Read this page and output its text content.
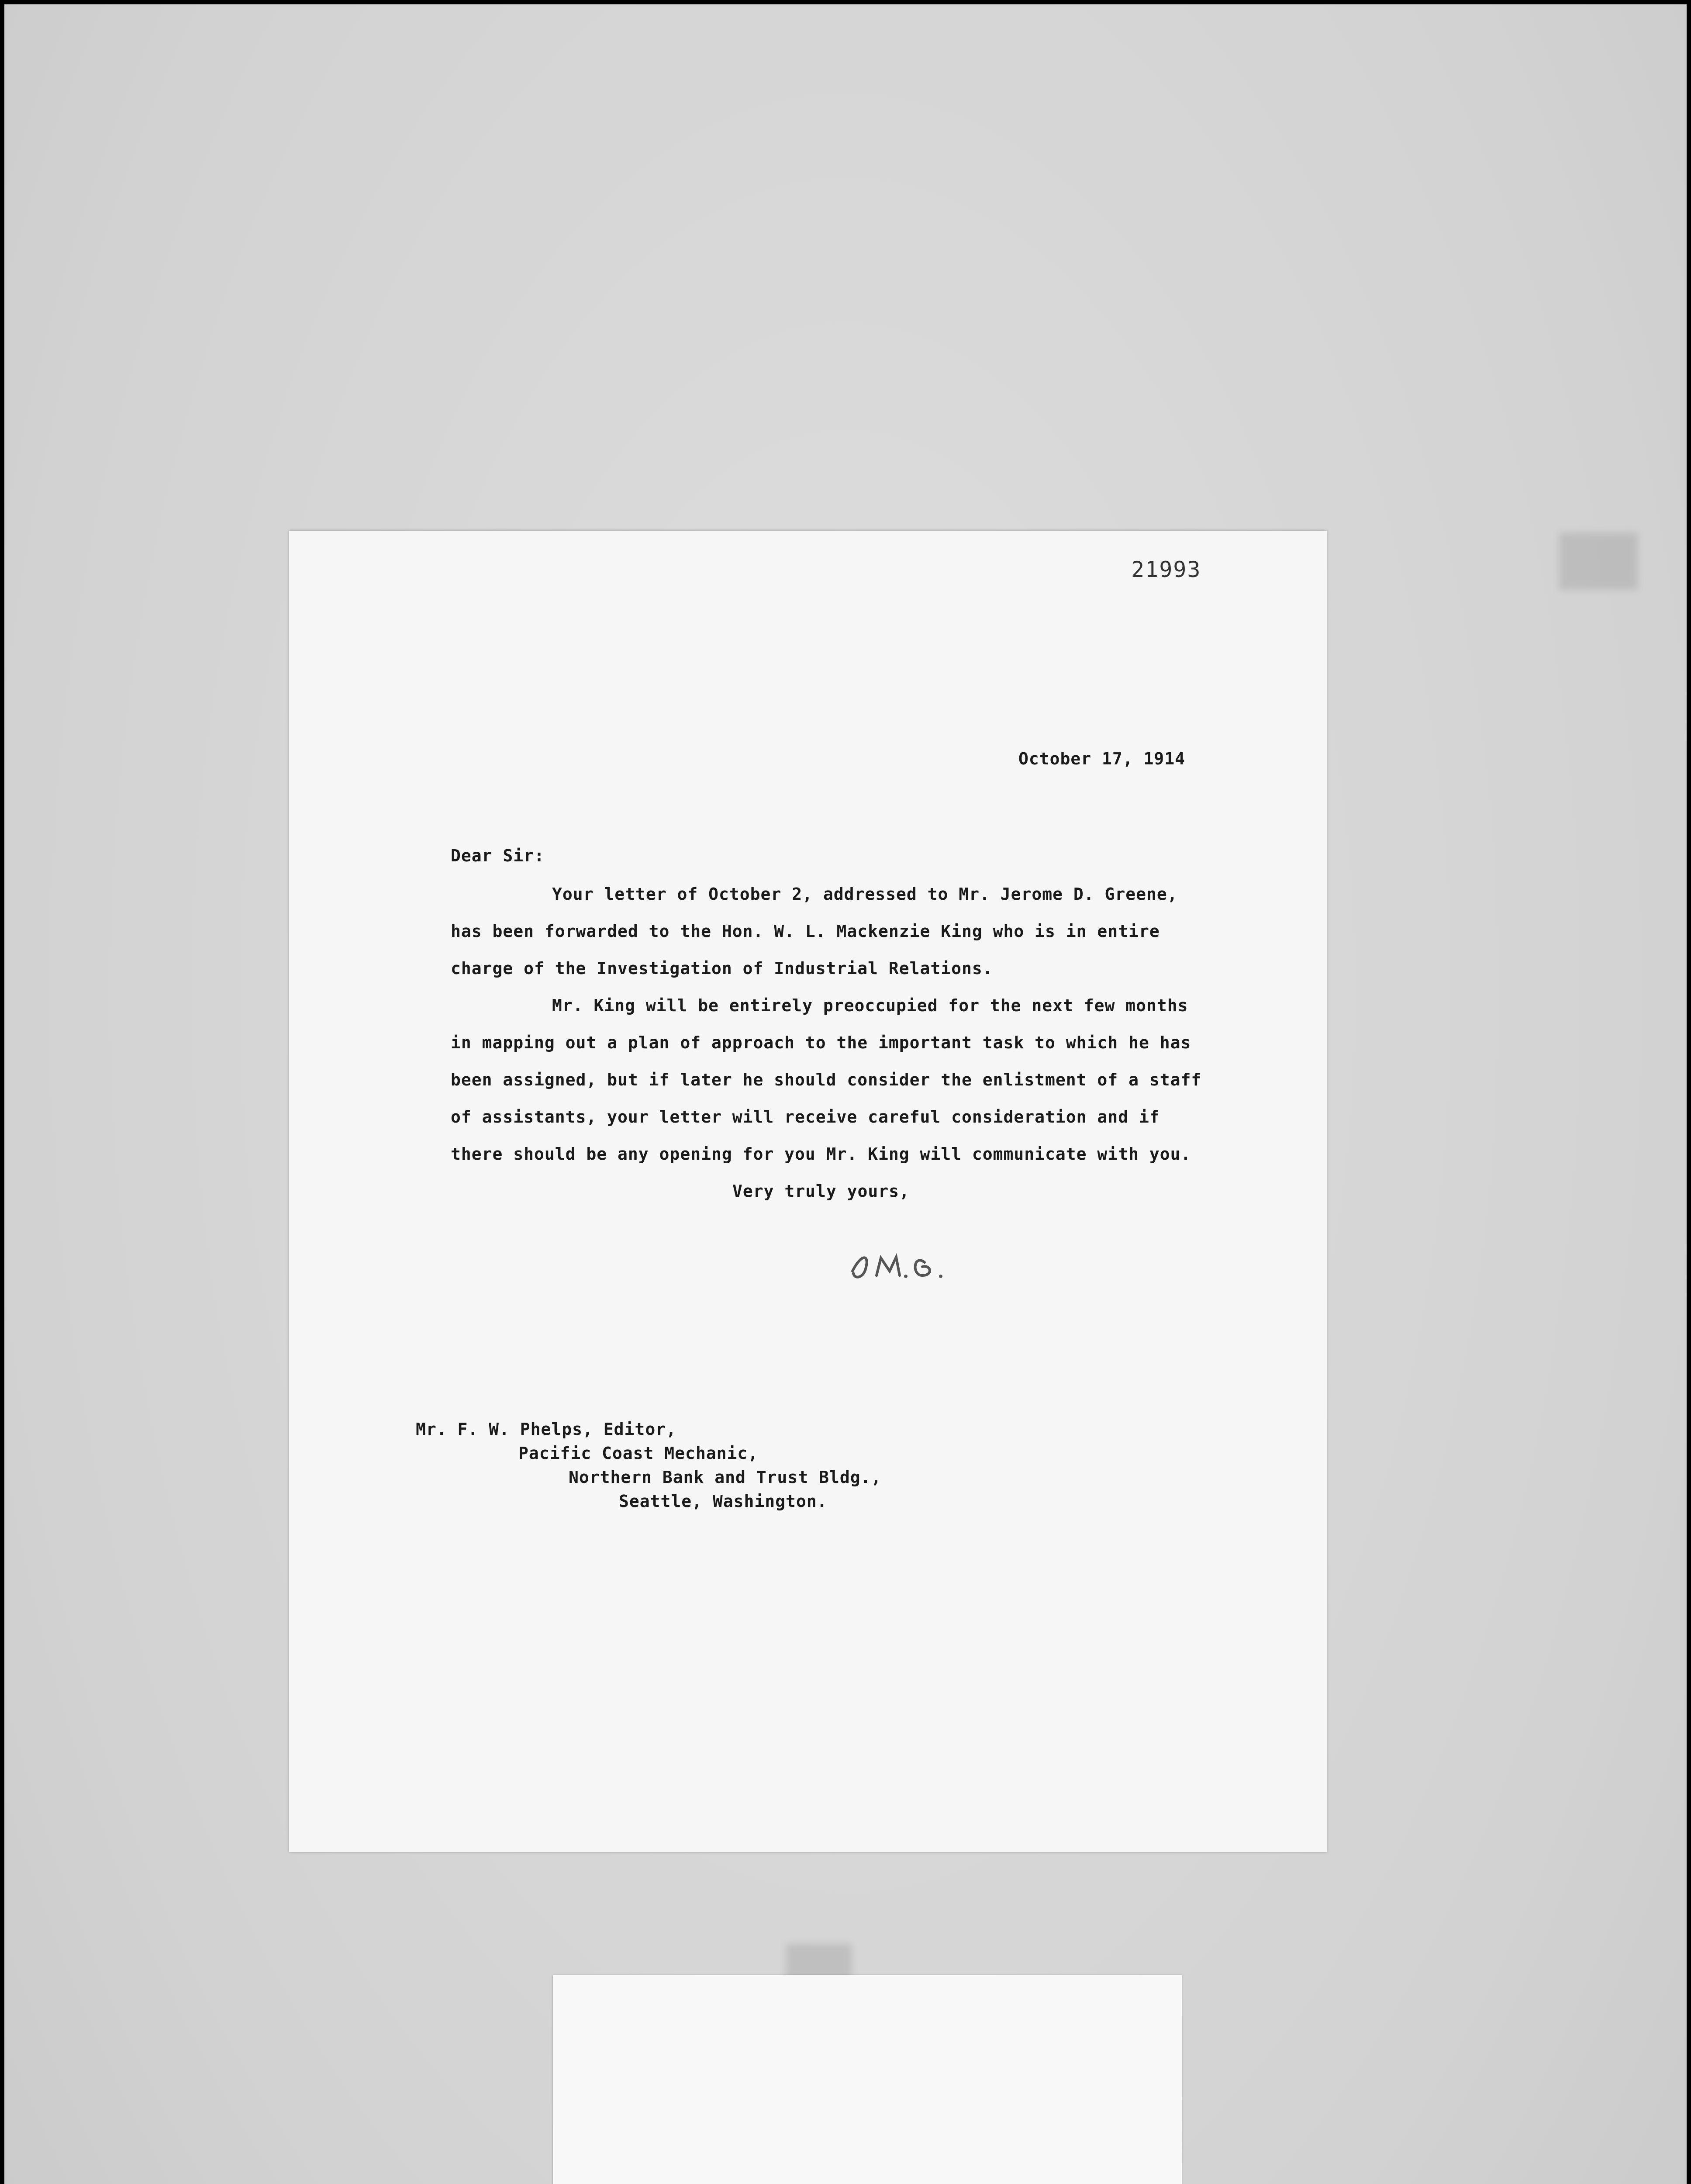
21993
October 17, 1914
Dear Sir:
Your letter of October 2, addressed to Mr. Jerome D. Greene,
has been forwarded to the Hon. W. L. Mackenzie King who is in entire
charge of the Investigation of Industrial Relations.
Mr. King will be entirely preoccupied for the next few months
in mapping out a plan of approach to the important task to which he has
been assigned, but if later he should consider the enlistment of a staff
of assistants, your letter will receive careful consideration and if
there should be any opening for you Mr. King will communicate with you.
Very truly yours,
Mr. F. W. Phelps, Editor,
Pacific Coast Mechanic,
Northern Bank and Trust Bldg.,
Seattle, Washington.
